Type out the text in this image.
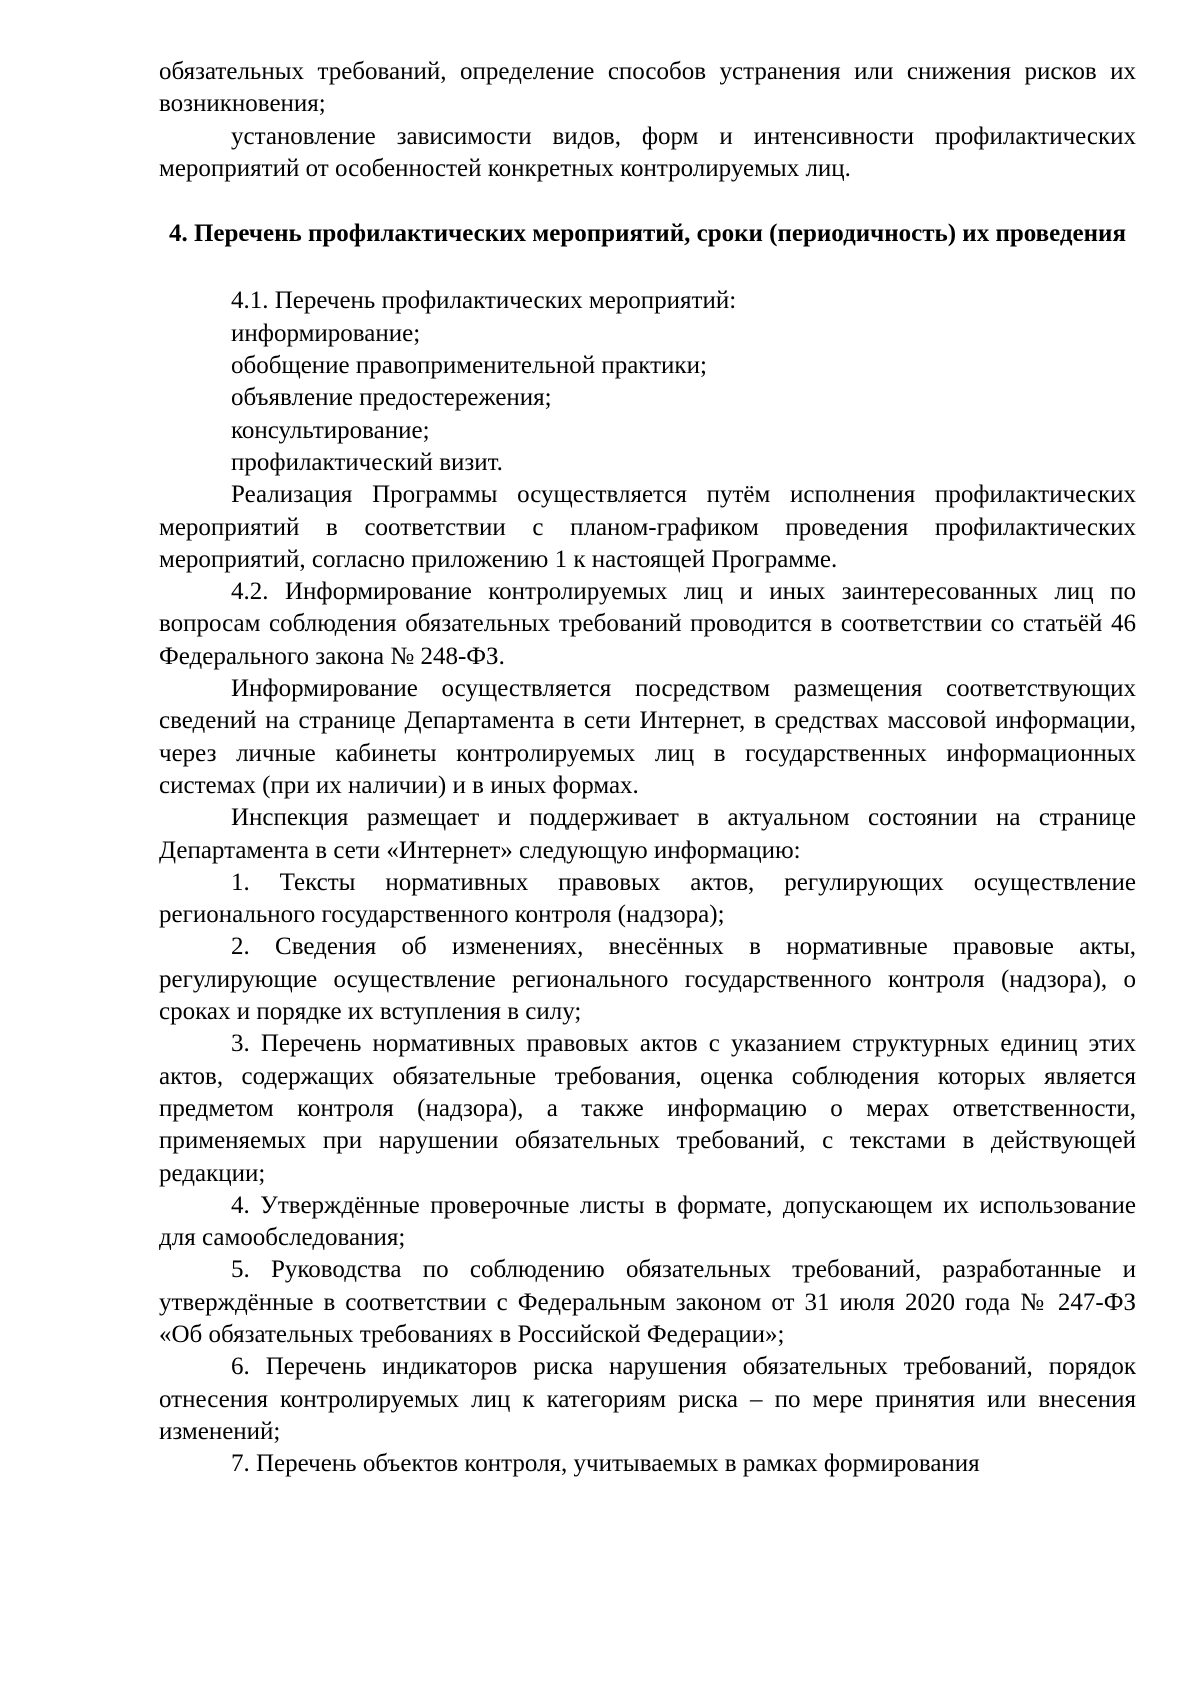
обязательных требований, определение способов устранения или снижения рисков их возникновения;

установление зависимости видов, форм и интенсивности профилактических мероприятий от особенностей конкретных контролируемых лиц.

4. Перечень профилактических мероприятий, сроки (периодичность) их проведения

4.1. Перечень профилактических мероприятий:

информирование;

обобщение правоприменительной практики;

объявление предостережения;

консультирование;

профилактический визит.

Реализация Программы осуществляется путём исполнения профилактических мероприятий в соответствии с планом-графиком проведения профилактических мероприятий, согласно приложению 1 к настоящей Программе.

4.2. Информирование контролируемых лиц и иных заинтересованных лиц по вопросам соблюдения обязательных требований проводится в соответствии со статьёй 46 Федерального закона № 248-ФЗ.

Информирование осуществляется посредством размещения соответствующих сведений на странице Департамента в сети Интернет, в средствах массовой информации, через личные кабинеты контролируемых лиц в государственных информационных системах (при их наличии) и в иных формах.

Инспекция размещает и поддерживает в актуальном состоянии на странице Департамента в сети «Интернет» следующую информацию:

1. Тексты нормативных правовых актов, регулирующих осуществление регионального государственного контроля (надзора);

2. Сведения об изменениях, внесённых в нормативные правовые акты, регулирующие осуществление регионального государственного контроля (надзора), о сроках и порядке их вступления в силу;

3. Перечень нормативных правовых актов с указанием структурных единиц этих актов, содержащих обязательные требования, оценка соблюдения которых является предметом контроля (надзора), а также информацию о мерах ответственности, применяемых при нарушении обязательных требований, с текстами в действующей редакции;

4. Утверждённые проверочные листы в формате, допускающем их использование для самообследования;

5. Руководства по соблюдению обязательных требований, разработанные и утверждённые в соответствии с Федеральным законом от 31 июля 2020 года № 247-ФЗ «Об обязательных требованиях в Российской Федерации»;

6. Перечень индикаторов риска нарушения обязательных требований, порядок отнесения контролируемых лиц к категориям риска – по мере принятия или внесения изменений;

7. Перечень объектов контроля, учитываемых в рамках формирования
